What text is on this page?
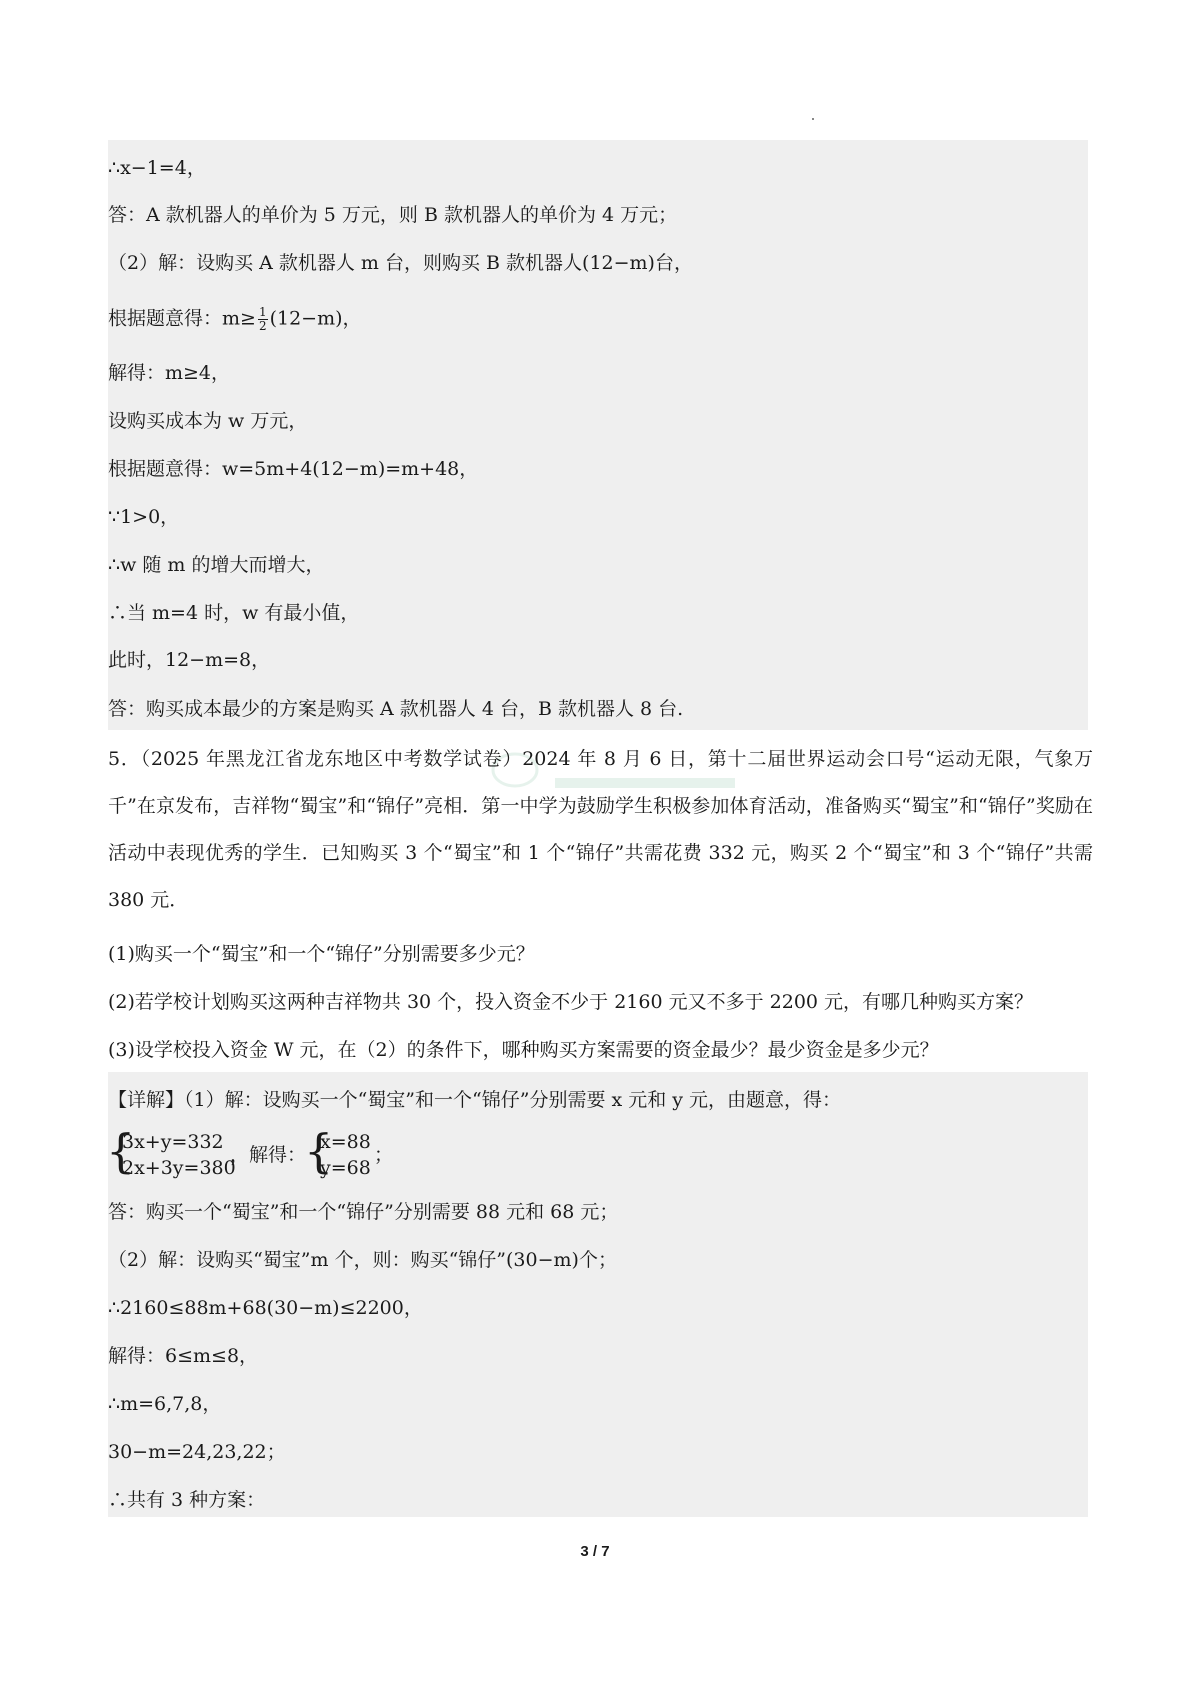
∴x−1=4，
答：A 款机器人的单价为 5 万元，则 B 款机器人的单价为 4 万元；
（2）解：设购买 A 款机器人 m 台，则购买 B 款机器人(12−m)台，
根据题意得：$m\ge \frac{1}{2} (12-m)$，
解得：m≥4，
设购买成本为 w 万元，
根据题意得：w=5m+4(12−m)=m+48，
∵1>0，
∴w 随 m 的增大而增大，
∴当 m=4 时，w 有最小值，
此时，12−m=8，
答：购买成本最少的方案是购买 A 款机器人 4 台，B 款机器人 8 台.
5．（2025 年黑龙江省龙东地区中考数学试卷）2024 年 8 月 6 日，第十二届世界运动会口号“运动无限，气象万千”在京发布，吉祥物“蜀宝”和“锦仔”亮相．第一中学为鼓励学生积极参加体育活动，准备购买“蜀宝”和“锦仔”奖励在活动中表现优秀的学生．已知购买 3 个“蜀宝”和 1 个“锦仔”共需花费 332 元，购买 2 个“蜀宝”和 3 个“锦仔”共需 380 元．
(1)购买一个“蜀宝”和一个“锦仔”分别需要多少元？
(2)若学校计划购买这两种吉祥物共 30 个，投入资金不少于 2160 元又不多于 2200 元，有哪几种购买方案？
(3)设学校投入资金 W 元，在（2）的条件下，哪种购买方案需要的资金最少？最少资金是多少元？
【详解】（1）解：设购买一个“蜀宝”和一个“锦仔”分别需要 x 元和 y 元，由题意，得：
{
3x+y=332
2x+3y=380
，解得：
{
x=88
y=68
；
答：购买一个“蜀宝”和一个“锦仔”分别需要 88 元和 68 元；
（2）解：设购买“蜀宝”m 个，则：购买“锦仔”(30−m)个；
∴2160≤88m+68(30−m)≤2200，
解得：6≤m≤8，
∴m=6,7,8，
30−m=24,23,22；
∴共有 3 种方案：
3 / 7
